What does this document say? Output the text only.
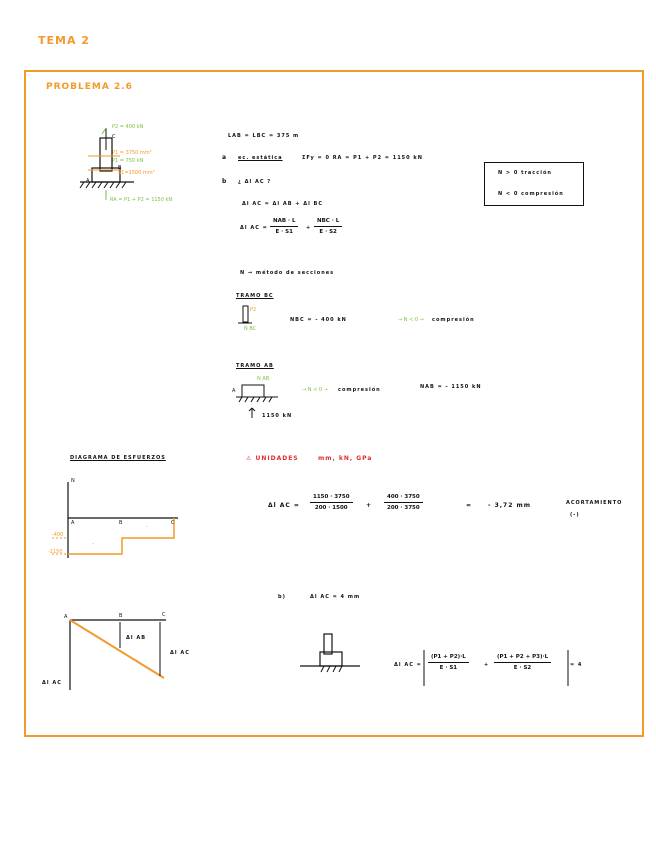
TEMA 2
PROBLEMA 2.6
P2 = 400 kN
C
P1 = 3750 mm²
P1 = 750 kN
B
S1=1500 mm²
A
RA = P1 + P2 = 1150 kN
LAB = LBC = 375 m
a ec. estática	ΣFy = 0 RA = P1 + P2 = 1150 kN
b ¿ Δl AC ?
Δl AC = Δl AB + Δl BC
Δl AC =
NAB · L
E · S1
+
NBC · L
E · S2
N → método de secciones
N > 0 tracción
N < 0 compresión
TRAMO BC
P2
N BC
NBC = - 400 kN	→ N < 0 → compresión
TRAMO AB
N AB
A
1150 kN
→ N < 0 → compresión	NAB = - 1150 kN
DIAGRAMA DE ESFUERZOS
N
A	B	C
-400
-1150
-
-
⚠ UNIDADES	mm, kN, GPa
Δl AC =
1150 · 3750
200 · 1500	+
400 · 3750
200 · 3750	=	- 3,72 mm	ACORTAMIENTO
(-)
A	B	C
Δl AB
Δl AC
Δl AC
b)	Δl AC = 4 mm
Δl AC =
(P1 + P2)·L
E · S1	+
(P1 + P2 + P3)·L
E · S2	= 4
